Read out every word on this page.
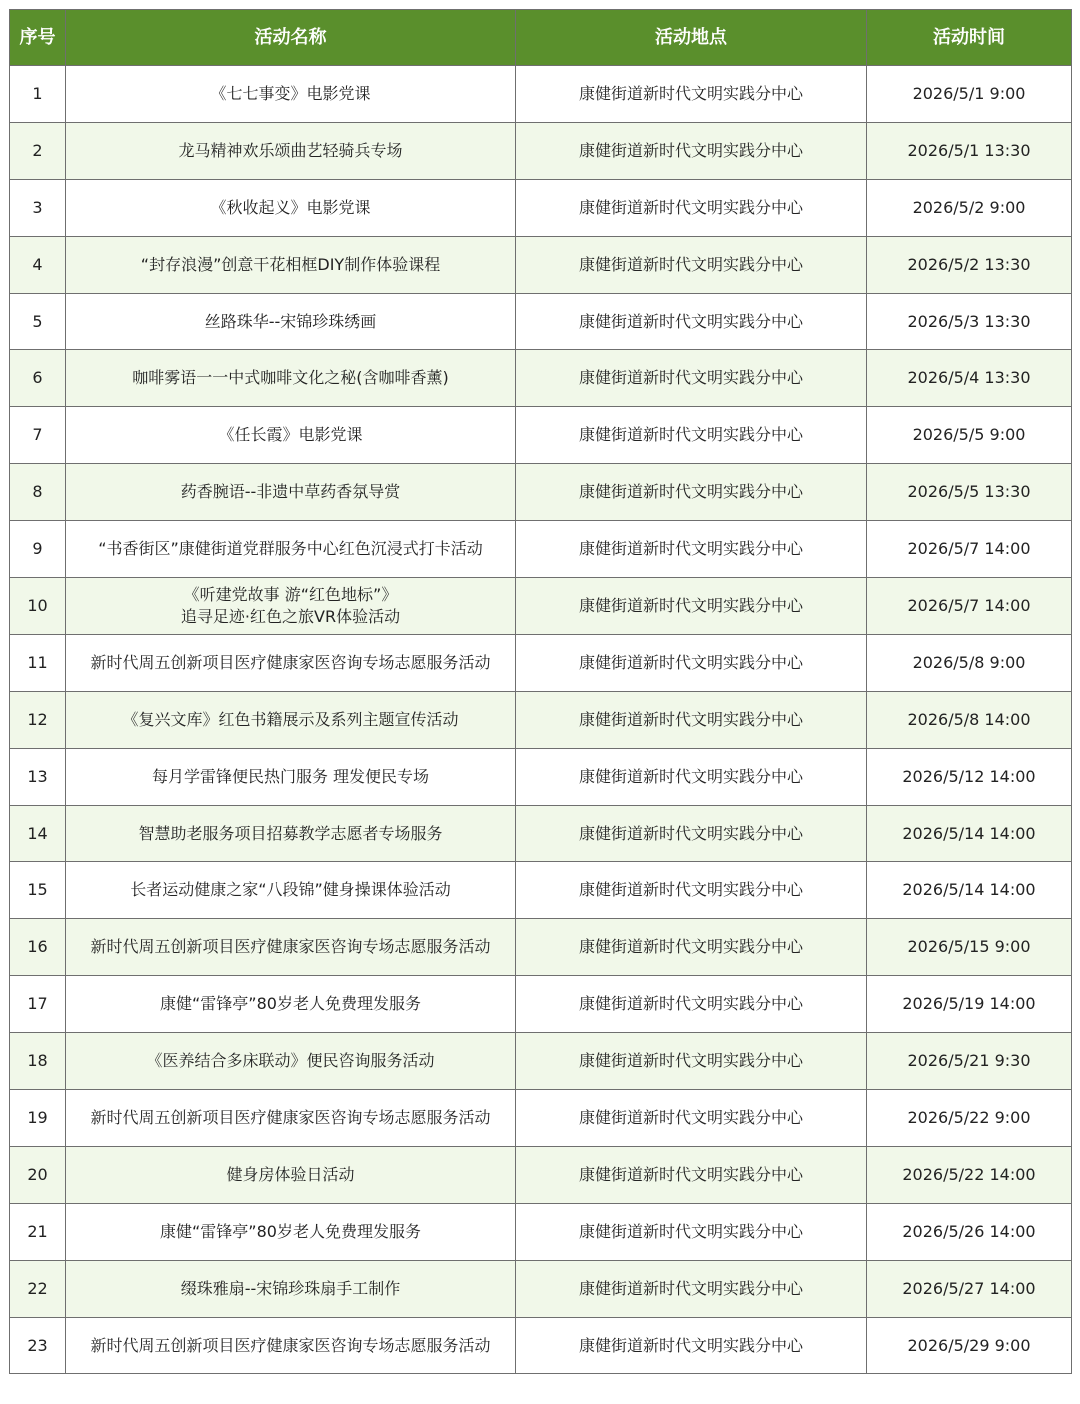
序号	活动名称	活动地点	活动时间
1	《七七事变》电影党课	康健街道新时代文明实践分中心	2026/5/1 9:00
2	龙马精神欢乐颂曲艺轻骑兵专场	康健街道新时代文明实践分中心	2026/5/1 13:30
3	《秋收起义》电影党课	康健街道新时代文明实践分中心	2026/5/2 9:00
4	“封存浪漫”创意干花相框DIY制作体验课程	康健街道新时代文明实践分中心	2026/5/2 13:30
5	丝路珠华--宋锦珍珠绣画	康健街道新时代文明实践分中心	2026/5/3 13:30
6	咖啡雾语一一中式咖啡文化之秘(含咖啡香薰)	康健街道新时代文明实践分中心	2026/5/4 13:30
7	《任长霞》电影党课	康健街道新时代文明实践分中心	2026/5/5 9:00
8	药香腕语--非遗中草药香氛导赏	康健街道新时代文明实践分中心	2026/5/5 13:30
9	“书香街区”康健街道党群服务中心红色沉浸式打卡活动	康健街道新时代文明实践分中心	2026/5/7 14:00
10	《听建党故事 游“红色地标”》
追寻足迹·红色之旅VR体验活动	康健街道新时代文明实践分中心	2026/5/7 14:00
11	新时代周五创新项目医疗健康家医咨询专场志愿服务活动	康健街道新时代文明实践分中心	2026/5/8 9:00
12	《复兴文库》红色书籍展示及系列主题宣传活动	康健街道新时代文明实践分中心	2026/5/8 14:00
13	每月学雷锋便民热门服务 理发便民专场	康健街道新时代文明实践分中心	2026/5/12 14:00
14	智慧助老服务项目招募教学志愿者专场服务	康健街道新时代文明实践分中心	2026/5/14 14:00
15	长者运动健康之家“八段锦”健身操课体验活动	康健街道新时代文明实践分中心	2026/5/14 14:00
16	新时代周五创新项目医疗健康家医咨询专场志愿服务活动	康健街道新时代文明实践分中心	2026/5/15 9:00
17	康健“雷锋亭”80岁老人免费理发服务	康健街道新时代文明实践分中心	2026/5/19 14:00
18	《医养结合多床联动》便民咨询服务活动	康健街道新时代文明实践分中心	2026/5/21 9:30
19	新时代周五创新项目医疗健康家医咨询专场志愿服务活动	康健街道新时代文明实践分中心	2026/5/22 9:00
20	健身房体验日活动	康健街道新时代文明实践分中心	2026/5/22 14:00
21	康健“雷锋亭”80岁老人免费理发服务	康健街道新时代文明实践分中心	2026/5/26 14:00
22	缀珠雅扇--宋锦珍珠扇手工制作	康健街道新时代文明实践分中心	2026/5/27 14:00
23	新时代周五创新项目医疗健康家医咨询专场志愿服务活动	康健街道新时代文明实践分中心	2026/5/29 9:00
